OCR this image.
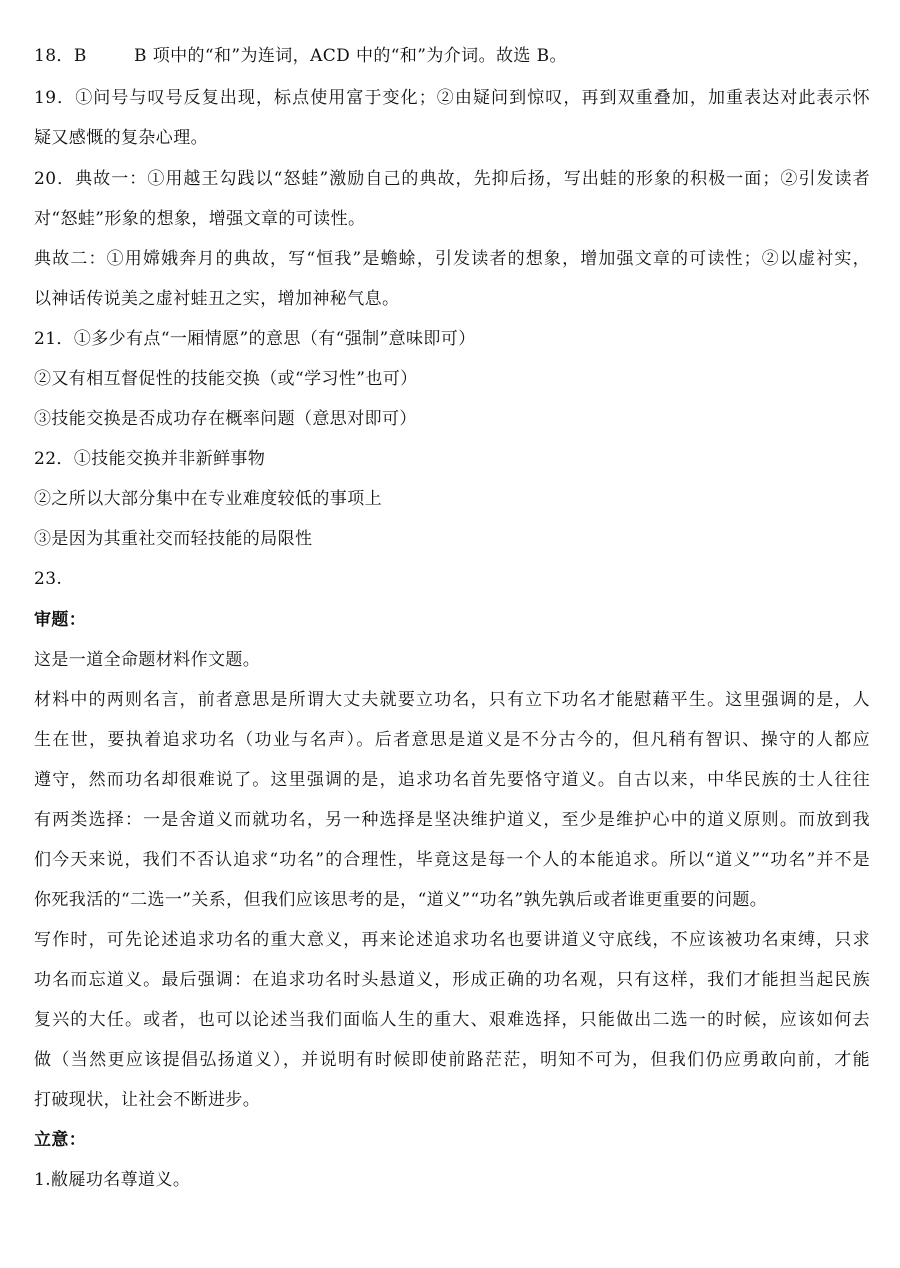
18．B	B 项中的“和”为连词，ACD 中的“和”为介词。故选 B。
19．①问号与叹号反复出现，标点使用富于变化；②由疑问到惊叹，再到双重叠加，加重表达对此表示怀
疑又感慨的复杂心理。
20．典故一：①用越王勾践以“怒蛙”激励自己的典故，先抑后扬，写出蛙的形象的积极一面；②引发读者
对“怒蛙”形象的想象，增强文章的可读性。
典故二：①用嫦娥奔月的典故，写“恒我”是蟾蜍，引发读者的想象，增加强文章的可读性；②以虚衬实，
以神话传说美之虚衬蛙丑之实，增加神秘气息。
21．①多少有点“一厢情愿”的意思（有“强制”意味即可）
②又有相互督促性的技能交换（或“学习性”也可）
③技能交换是否成功存在概率问题（意思对即可）
22．①技能交换并非新鲜事物
②之所以大部分集中在专业难度较低的事项上
③是因为其重社交而轻技能的局限性
23.
审题：
这是一道全命题材料作文题。
材料中的两则名言，前者意思是所谓大丈夫就要立功名，只有立下功名才能慰藉平生。这里强调的是，人
生在世，要执着追求功名（功业与名声）。后者意思是道义是不分古今的，但凡稍有智识、操守的人都应
遵守，然而功名却很难说了。这里强调的是，追求功名首先要恪守道义。自古以来，中华民族的士人往往
有两类选择：一是舍道义而就功名，另一种选择是坚决维护道义，至少是维护心中的道义原则。而放到我
们今天来说，我们不否认追求“功名”的合理性，毕竟这是每一个人的本能追求。所以“道义”“功名”并不是
你死我活的“二选一”关系，但我们应该思考的是，“道义”“功名”孰先孰后或者谁更重要的问题。
写作时，可先论述追求功名的重大意义，再来论述追求功名也要讲道义守底线，不应该被功名束缚，只求
功名而忘道义。最后强调：在追求功名时头悬道义，形成正确的功名观，只有这样，我们才能担当起民族
复兴的大任。或者，也可以论述当我们面临人生的重大、艰难选择，只能做出二选一的时候，应该如何去
做（当然更应该提倡弘扬道义），并说明有时候即使前路茫茫，明知不可为，但我们仍应勇敢向前，才能
打破现状，让社会不断进步。
立意：
1.敝屣功名尊道义。
